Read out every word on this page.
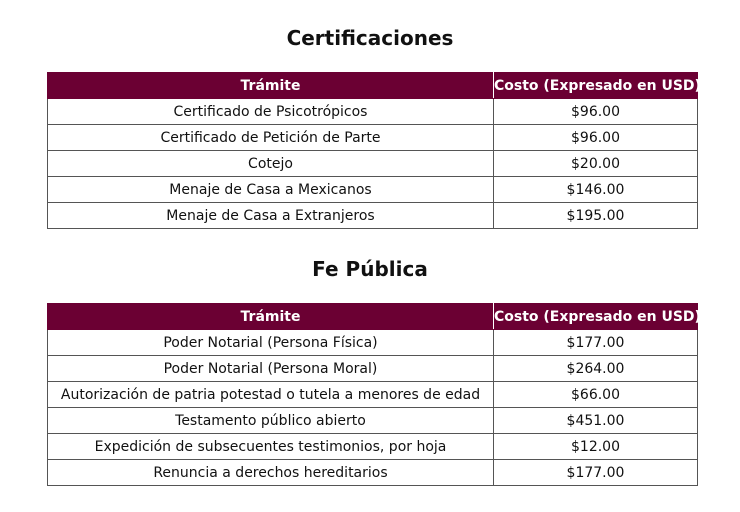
Certificaciones
Trámite	Costo (Expresado en USD)
Certificado de Psicotrópicos	$96.00
Certificado de Petición de Parte	$96.00
Cotejo	$20.00
Menaje de Casa a Mexicanos	$146.00
Menaje de Casa a Extranjeros	$195.00
Fe Pública
Trámite	Costo (Expresado en USD)
Poder Notarial (Persona Física)	$177.00
Poder Notarial (Persona Moral)	$264.00
Autorización de patria potestad o tutela a menores de edad	$66.00
Testamento público abierto	$451.00
Expedición de subsecuentes testimonios, por hoja	$12.00
Renuncia a derechos hereditarios	$177.00
